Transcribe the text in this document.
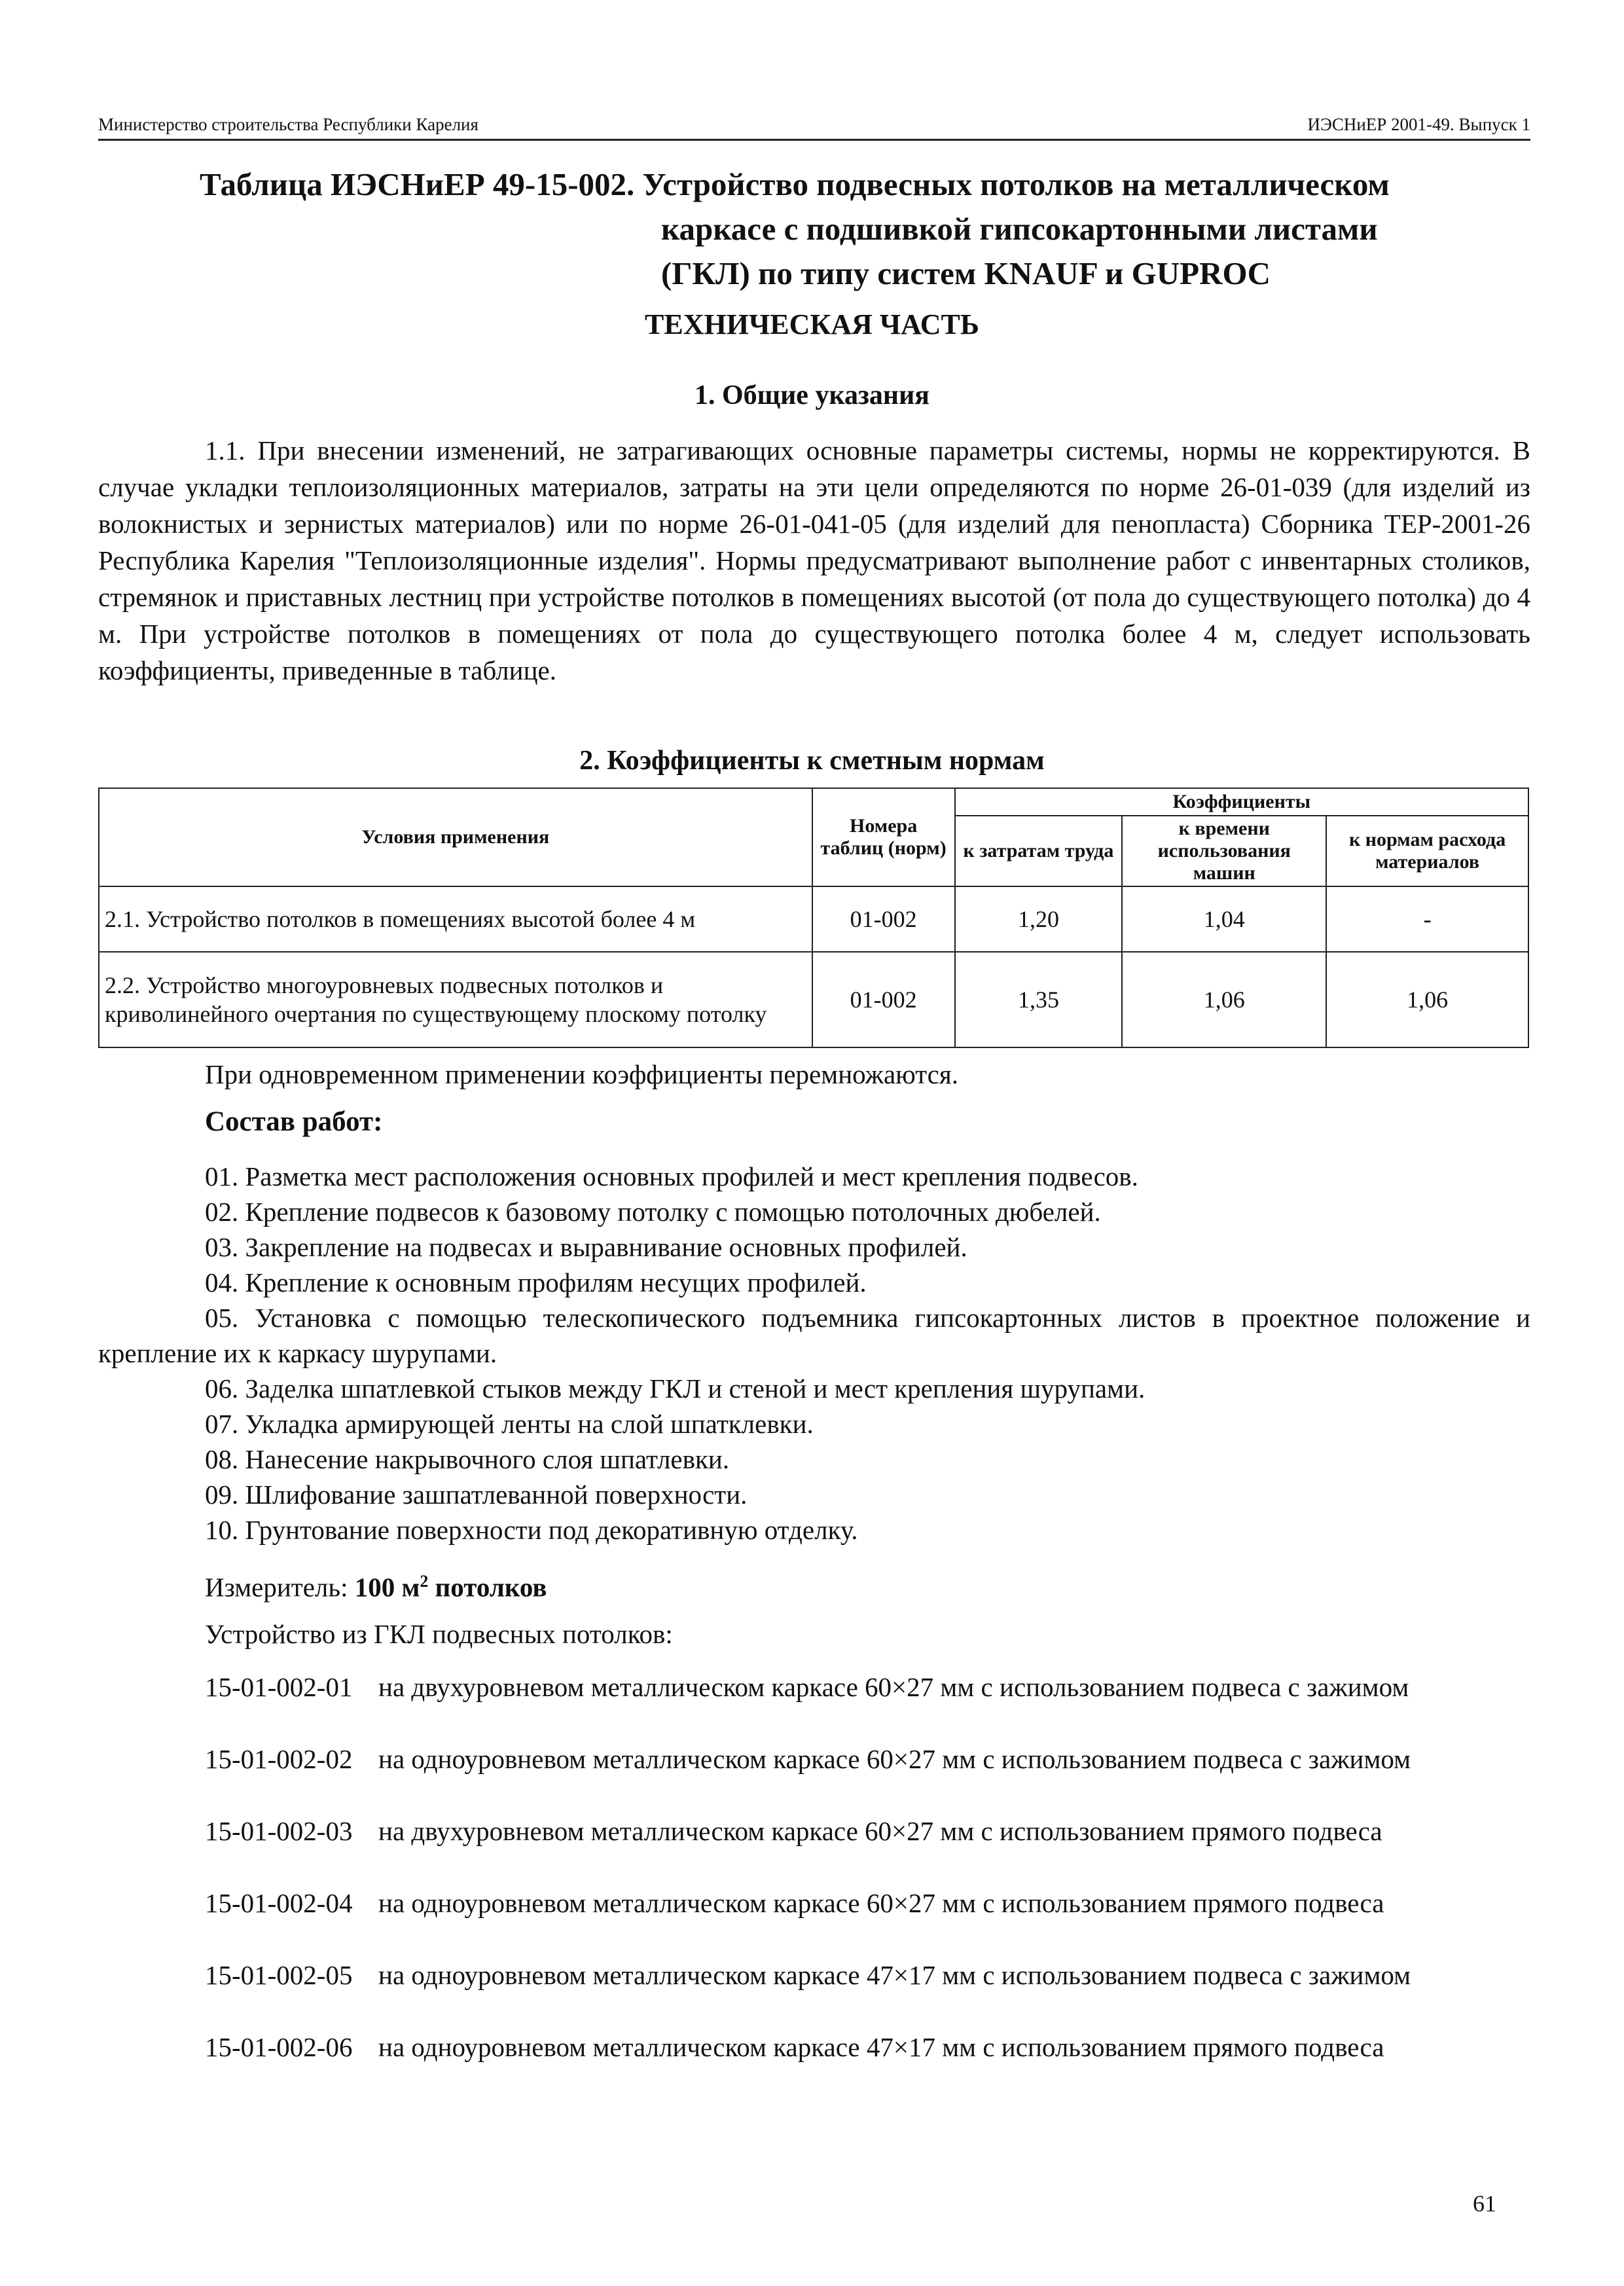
Министерство строительства Республики Карелия	ИЭСНиЕР 2001-49. Выпуск 1
Таблица ИЭСНиЕР 49-15-002. Устройство подвесных потолков на металлическом
каркасе с подшивкой гипсокартонными листами
(ГКЛ) по типу систем KNAUF и GUPROC
ТЕХНИЧЕСКАЯ ЧАСТЬ
1. Общие указания
1.1. При внесении изменений, не затрагивающих основные параметры системы, нормы не корректируются. В случае укладки теплоизоляционных материалов, затраты на эти цели определяются по норме 26-01-039 (для изделий из волокнистых и зернистых материалов) или по норме 26-01-041-05 (для изделий для пенопласта) Сборника ТЕР-2001-26 Республика Карелия "Теплоизоляционные изделия". Нормы предусматривают выполнение работ с инвентарных столиков, стремянок и приставных лестниц при устройстве потолков в помещениях высотой (от пола до существующего потолка) до 4 м. При устройстве потолков в помещениях от пола до существующего потолка более 4 м, следует использовать коэффициенты, приведенные в таблице.
2. Коэффициенты к сметным нормам
Условия применения	Номера таблиц (норм)	Коэффициенты		
		к затратам труда	к времени использования машин	к нормам расхода материалов
2.1. Устройство потолков в помещениях высотой более 4 м	01-002	1,20	1,04	-
2.2. Устройство многоуровневых подвесных потолков и криволинейного очертания по существующему плоскому потолку	01-002	1,35	1,06	1,06
При одновременном применении коэффициенты перемножаются.
Состав работ:
01. Разметка мест расположения основных профилей и мест крепления подвесов.
02. Крепление подвесов к базовому потолку с помощью потолочных дюбелей.
03. Закрепление на подвесах и выравнивание основных профилей.
04. Крепление к основным профилям несущих профилей.
05. Установка с помощью телескопического подъемника гипсокартонных листов в проектное положение и крепление их к каркасу шурупами.
06. Заделка шпатлевкой стыков между ГКЛ и стеной и мест крепления шурупами.
07. Укладка армирующей ленты на слой шпатклевки.
08. Нанесение накрывочного слоя шпатлевки.
09. Шлифование зашпатлеванной поверхности.
10. Грунтование поверхности под декоративную отделку.
Измеритель: 100 $м^2$ потолков
Устройство из ГКЛ подвесных потолков:
15-01-002-01 на двухуровневом металлическом каркасе 60×27 мм с использованием подвеса с зажимом
15-01-002-02 на одноуровневом металлическом каркасе 60×27 мм с использованием подвеса с зажимом
15-01-002-03 на двухуровневом металлическом каркасе 60×27 мм с использованием прямого подвеса
15-01-002-04 на одноуровневом металлическом каркасе 60×27 мм с использованием прямого подвеса
15-01-002-05 на одноуровневом металлическом каркасе 47×17 мм с использованием подвеса с зажимом
15-01-002-06 на одноуровневом металлическом каркасе 47×17 мм с использованием прямого подвеса
61
